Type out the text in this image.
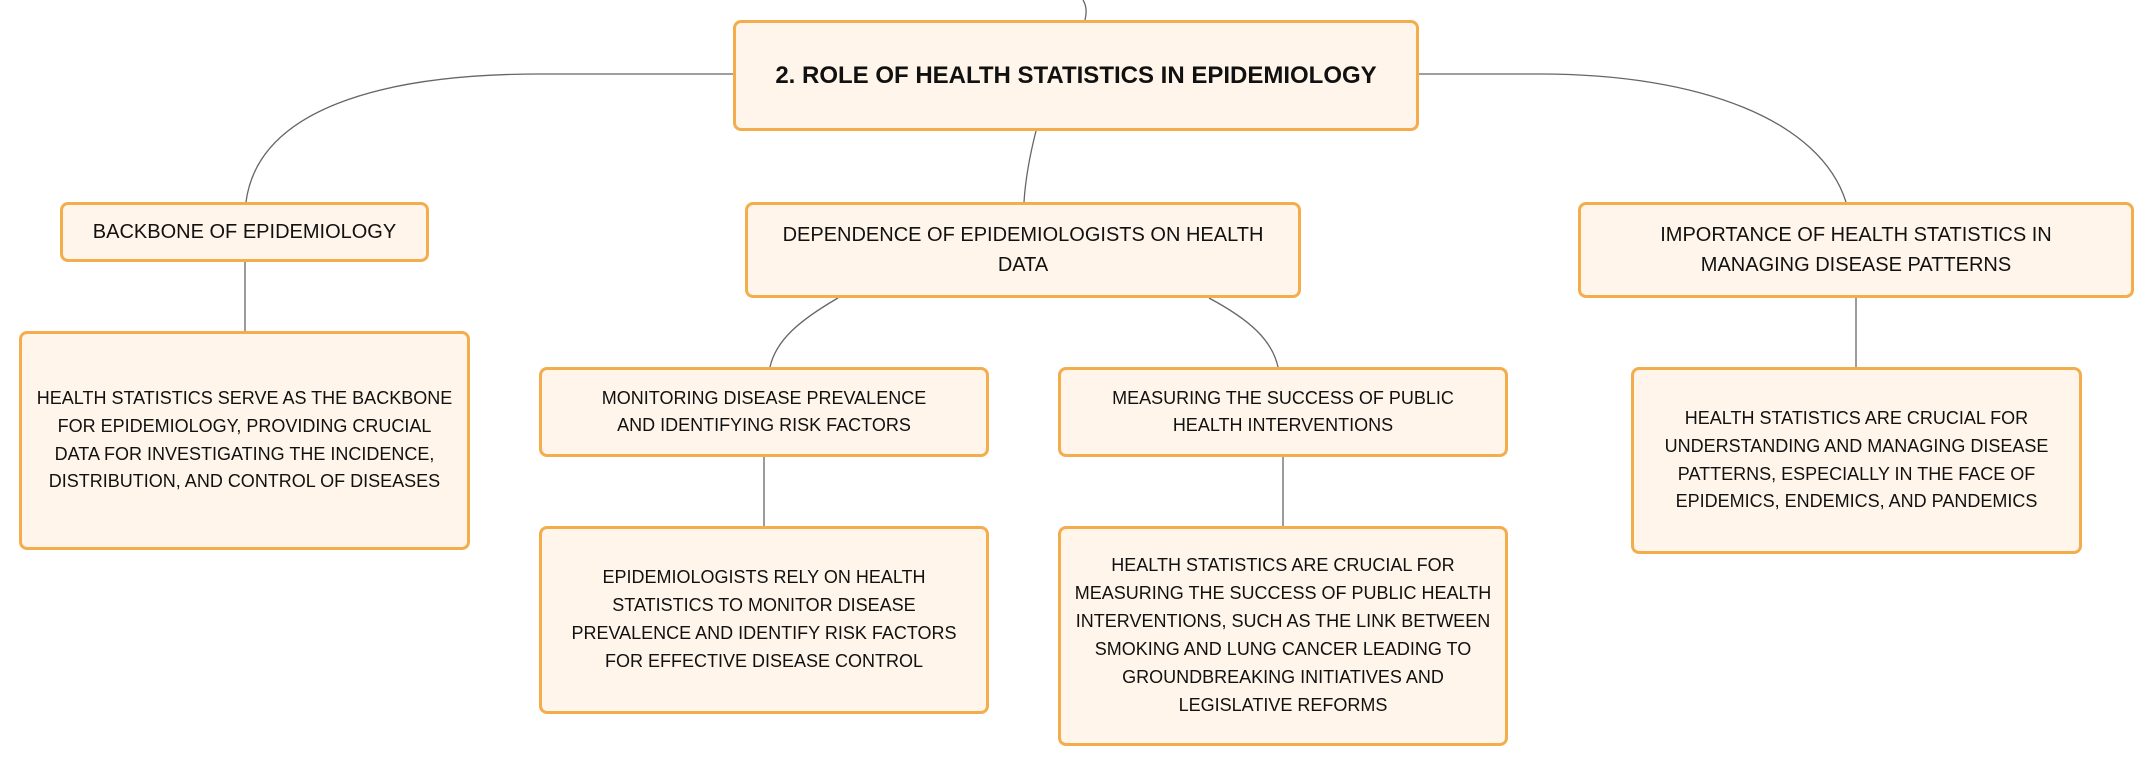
2. ROLE OF HEALTH STATISTICS IN EPIDEMIOLOGY
BACKBONE OF EPIDEMIOLOGY
HEALTH STATISTICS SERVE AS THE BACKBONE FOR EPIDEMIOLOGY, PROVIDING CRUCIAL DATA FOR INVESTIGATING THE INCIDENCE, DISTRIBUTION, AND CONTROL OF DISEASES
DEPENDENCE OF EPIDEMIOLOGISTS ON HEALTH DATA
MONITORING DISEASE PREVALENCE AND IDENTIFYING RISK FACTORS
EPIDEMIOLOGISTS RELY ON HEALTH STATISTICS TO MONITOR DISEASE PREVALENCE AND IDENTIFY RISK FACTORS FOR EFFECTIVE DISEASE CONTROL
MEASURING THE SUCCESS OF PUBLIC HEALTH INTERVENTIONS
HEALTH STATISTICS ARE CRUCIAL FOR MEASURING THE SUCCESS OF PUBLIC HEALTH INTERVENTIONS, SUCH AS THE LINK BETWEEN SMOKING AND LUNG CANCER LEADING TO GROUNDBREAKING INITIATIVES AND LEGISLATIVE REFORMS
IMPORTANCE OF HEALTH STATISTICS IN MANAGING DISEASE PATTERNS
HEALTH STATISTICS ARE CRUCIAL FOR UNDERSTANDING AND MANAGING DISEASE PATTERNS, ESPECIALLY IN THE FACE OF EPIDEMICS, ENDEMICS, AND PANDEMICS
